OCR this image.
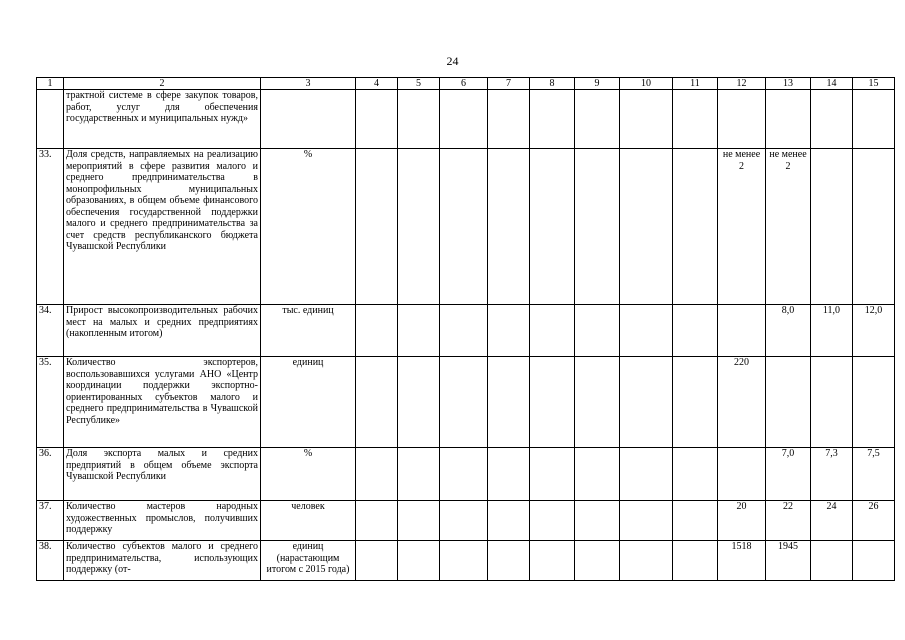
24
1	2	3	4	5	6	7	8	9	10	11	12	13	14	15
	трактной системе в сфере закупок товаров, работ, услуг для обеспечения государственных и муниципальных нужд»													
33.	Доля средств, направляемых на реализацию мероприятий в сфере развития малого и среднего предпринимательства в монопрофильных муниципальных образованиях, в общем объеме финансового обеспечения государственной поддержки малого и среднего предпринимательства за счет средств республиканского бюджета Чувашской Республики	%									не менее 2	не менее 2		
34.	Прирост высокопроизводительных рабочих мест на малых и средних предприятиях (накопленным итогом)	тыс. единиц										8,0	11,0	12,0
35.	Количество экспортеров, воспользовавшихся услугами АНО «Центр координации поддержки экспортно-ориентированных субъектов малого и среднего предпринимательства в Чувашской Республике»	единиц									220			
36.	Доля экспорта малых и средних предприятий в общем объеме экспорта Чувашской Республики	%										7,0	7,3	7,5
37.	Количество мастеров народных художественных промыслов, получивших поддержку	человек									20	22	24	26
38.	Количество субъектов малого и среднего предпринимательства, использующих поддержку (от-	единиц (нарастающим итогом с 2015 года)									1518	1945		
